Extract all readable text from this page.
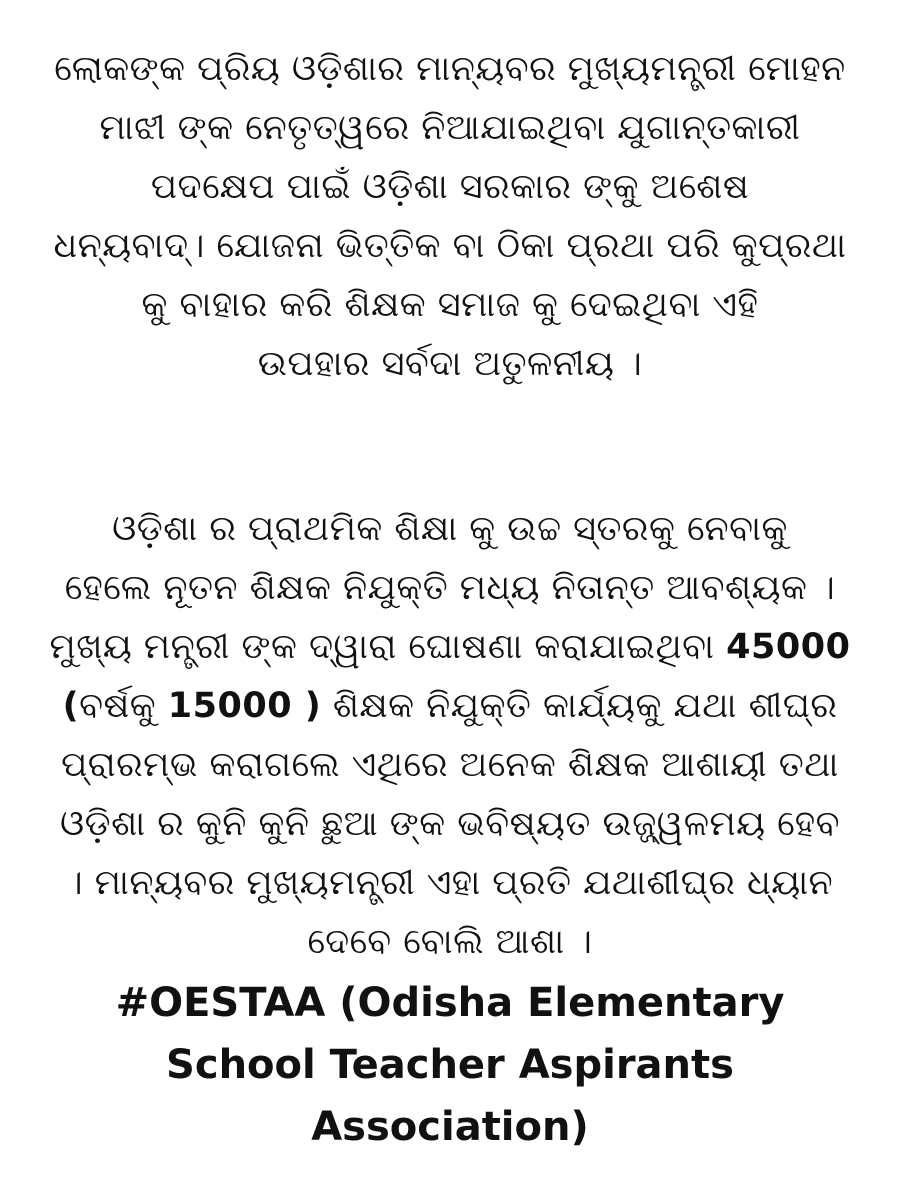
ଲୋକଙ୍କ ପ୍ରିୟ ଓଡ଼ିଶାର ମାନ୍ୟବର ମୁଖ୍ୟମନ୍ତ୍ରୀ ମୋହନ
ମାଝୀ ଙ୍କ ନେତୃତ୍ୱରେ ନିଆଯାଇଥିବା ଯୁଗାନ୍ତକାରୀ
ପଦକ୍ଷେପ ପାଇଁ ଓଡ଼ିଶା ସରକାର ଙ୍କୁ ଅଶେଷ
ଧନ୍ୟବାଦ୍। ଯୋଜନା ଭିତ୍ତିକ ବା ଠିକା ପ୍ରଥା ପରି କୁପ୍ରଥା
କୁ ବାହାର କରି ଶିକ୍ଷକ ସମାଜ କୁ ଦେଇଥିବା ଏହି
ଉପହାର ସର୍ବଦା ଅତୁଳନୀୟ ।
ଓଡ଼ିଶା ର ପ୍ରାଥମିକ ଶିକ୍ଷା କୁ ଉଚ୍ଚ ସ୍ତରକୁ ନେବାକୁ
ହେଲେ ନୂତନ ଶିକ୍ଷକ ନିଯୁକ୍ତି ମଧ୍ୟ ନିତାନ୍ତ ଆବଶ୍ୟକ ।
ମୁଖ୍ୟ ମନ୍ତ୍ରୀ ଙ୍କ ଦ୍ୱାରା ଘୋଷଣା କରାଯାଇଥିବା 45000
(ବର୍ଷକୁ 15000 ) ଶିକ୍ଷକ ନିଯୁକ୍ତି କାର୍ଯ୍ୟକୁ ଯଥା ଶୀଘ୍ର
ପ୍ରାରମ୍ଭ କରାଗଲେ ଏଥିରେ ଅନେକ ଶିକ୍ଷକ ଆଶାୟୀ ତଥା
ଓଡ଼ିଶା ର କୁନି କୁନି ଛୁଆ ଙ୍କ ଭବିଷ୍ୟତ ଉଜ୍ଜ୍ୱଳମୟ ହେବ
। ମାନ୍ୟବର ମୁଖ୍ୟମନ୍ତ୍ରୀ ଏହା ପ୍ରତି ଯଥାଶୀଘ୍ର ଧ୍ୟାନ
ଦେବେ ବୋଲି ଆଶା ।
#OESTAA (Odisha Elementary
School Teacher Aspirants
Association)
